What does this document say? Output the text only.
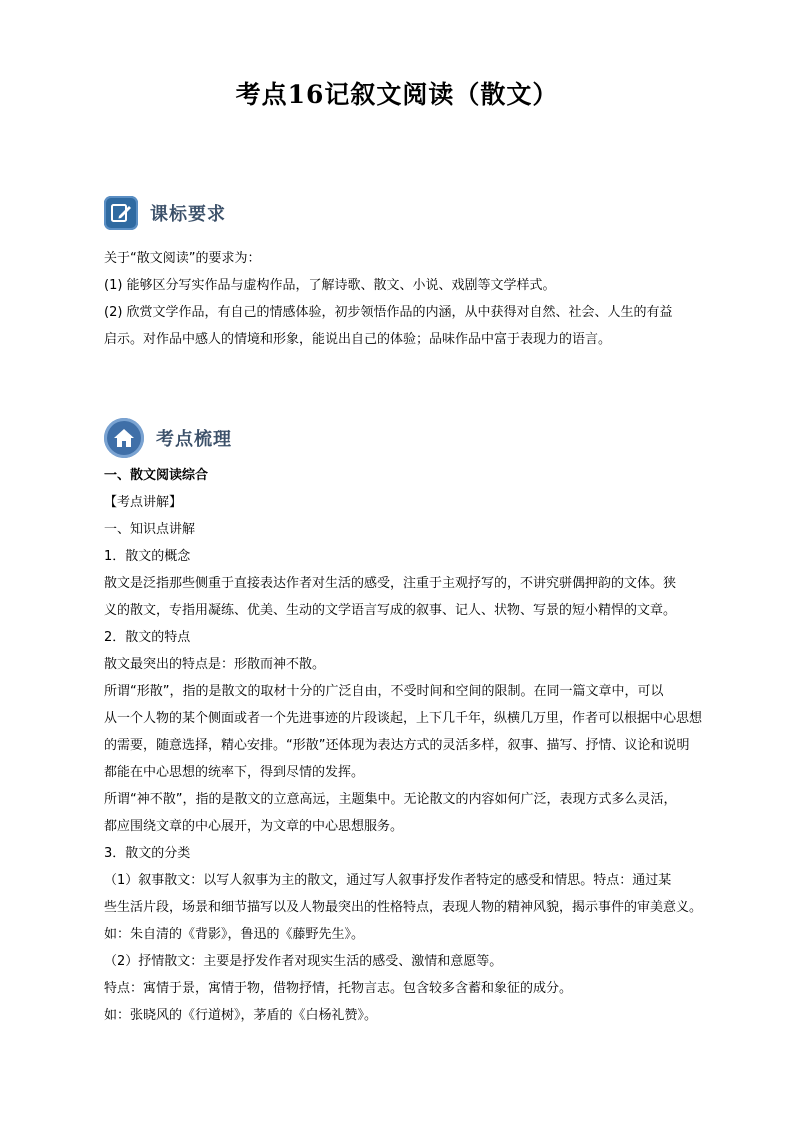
考点16记叙文阅读（散文）
课标要求

关于“散文阅读”的要求为：

(1) 能够区分写实作品与虚构作品，了解诗歌、散文、小说、戏剧等文学样式。

(2) 欣赏文学作品，有自己的情感体验，初步领悟作品的内涵，从中获得对自然、社会、人生的有益

启示。对作品中感人的情境和形象，能说出自己的体验；品味作品中富于表现力的语言。

考点梳理

一、散文阅读综合

【考点讲解】

一、知识点讲解

1．散文的概念

散文是泛指那些侧重于直接表达作者对生活的感受，注重于主观抒写的，不讲究骈偶押韵的文体。狭

义的散文，专指用凝练、优美、生动的文学语言写成的叙事、记人、状物、写景的短小精悍的文章。

2．散文的特点

散文最突出的特点是：形散而神不散。

所谓“形散”，指的是散文的取材十分的广泛自由，不受时间和空间的限制。在同一篇文章中，可以

从一个人物的某个侧面或者一个先进事迹的片段谈起，上下几千年，纵横几万里，作者可以根据中心思想

的需要，随意选择，精心安排。“形散”还体现为表达方式的灵活多样，叙事、描写、抒情、议论和说明

都能在中心思想的统率下，得到尽情的发挥。

所谓“神不散”，指的是散文的立意高远，主题集中。无论散文的内容如何广泛，表现方式多么灵活，

都应围绕文章的中心展开，为文章的中心思想服务。

3．散文的分类

（1）叙事散文：以写人叙事为主的散文，通过写人叙事抒发作者特定的感受和情思。特点：通过某

些生活片段，场景和细节描写以及人物最突出的性格特点，表现人物的精神风貌，揭示事件的审美意义。

如：朱自清的《背影》，鲁迅的《藤野先生》。

（2）抒情散文：主要是抒发作者对现实生活的感受、激情和意愿等。

特点：寓情于景，寓情于物，借物抒情，托物言志。包含较多含蓄和象征的成分。

如：张晓风的《行道树》，茅盾的《白杨礼赞》。
